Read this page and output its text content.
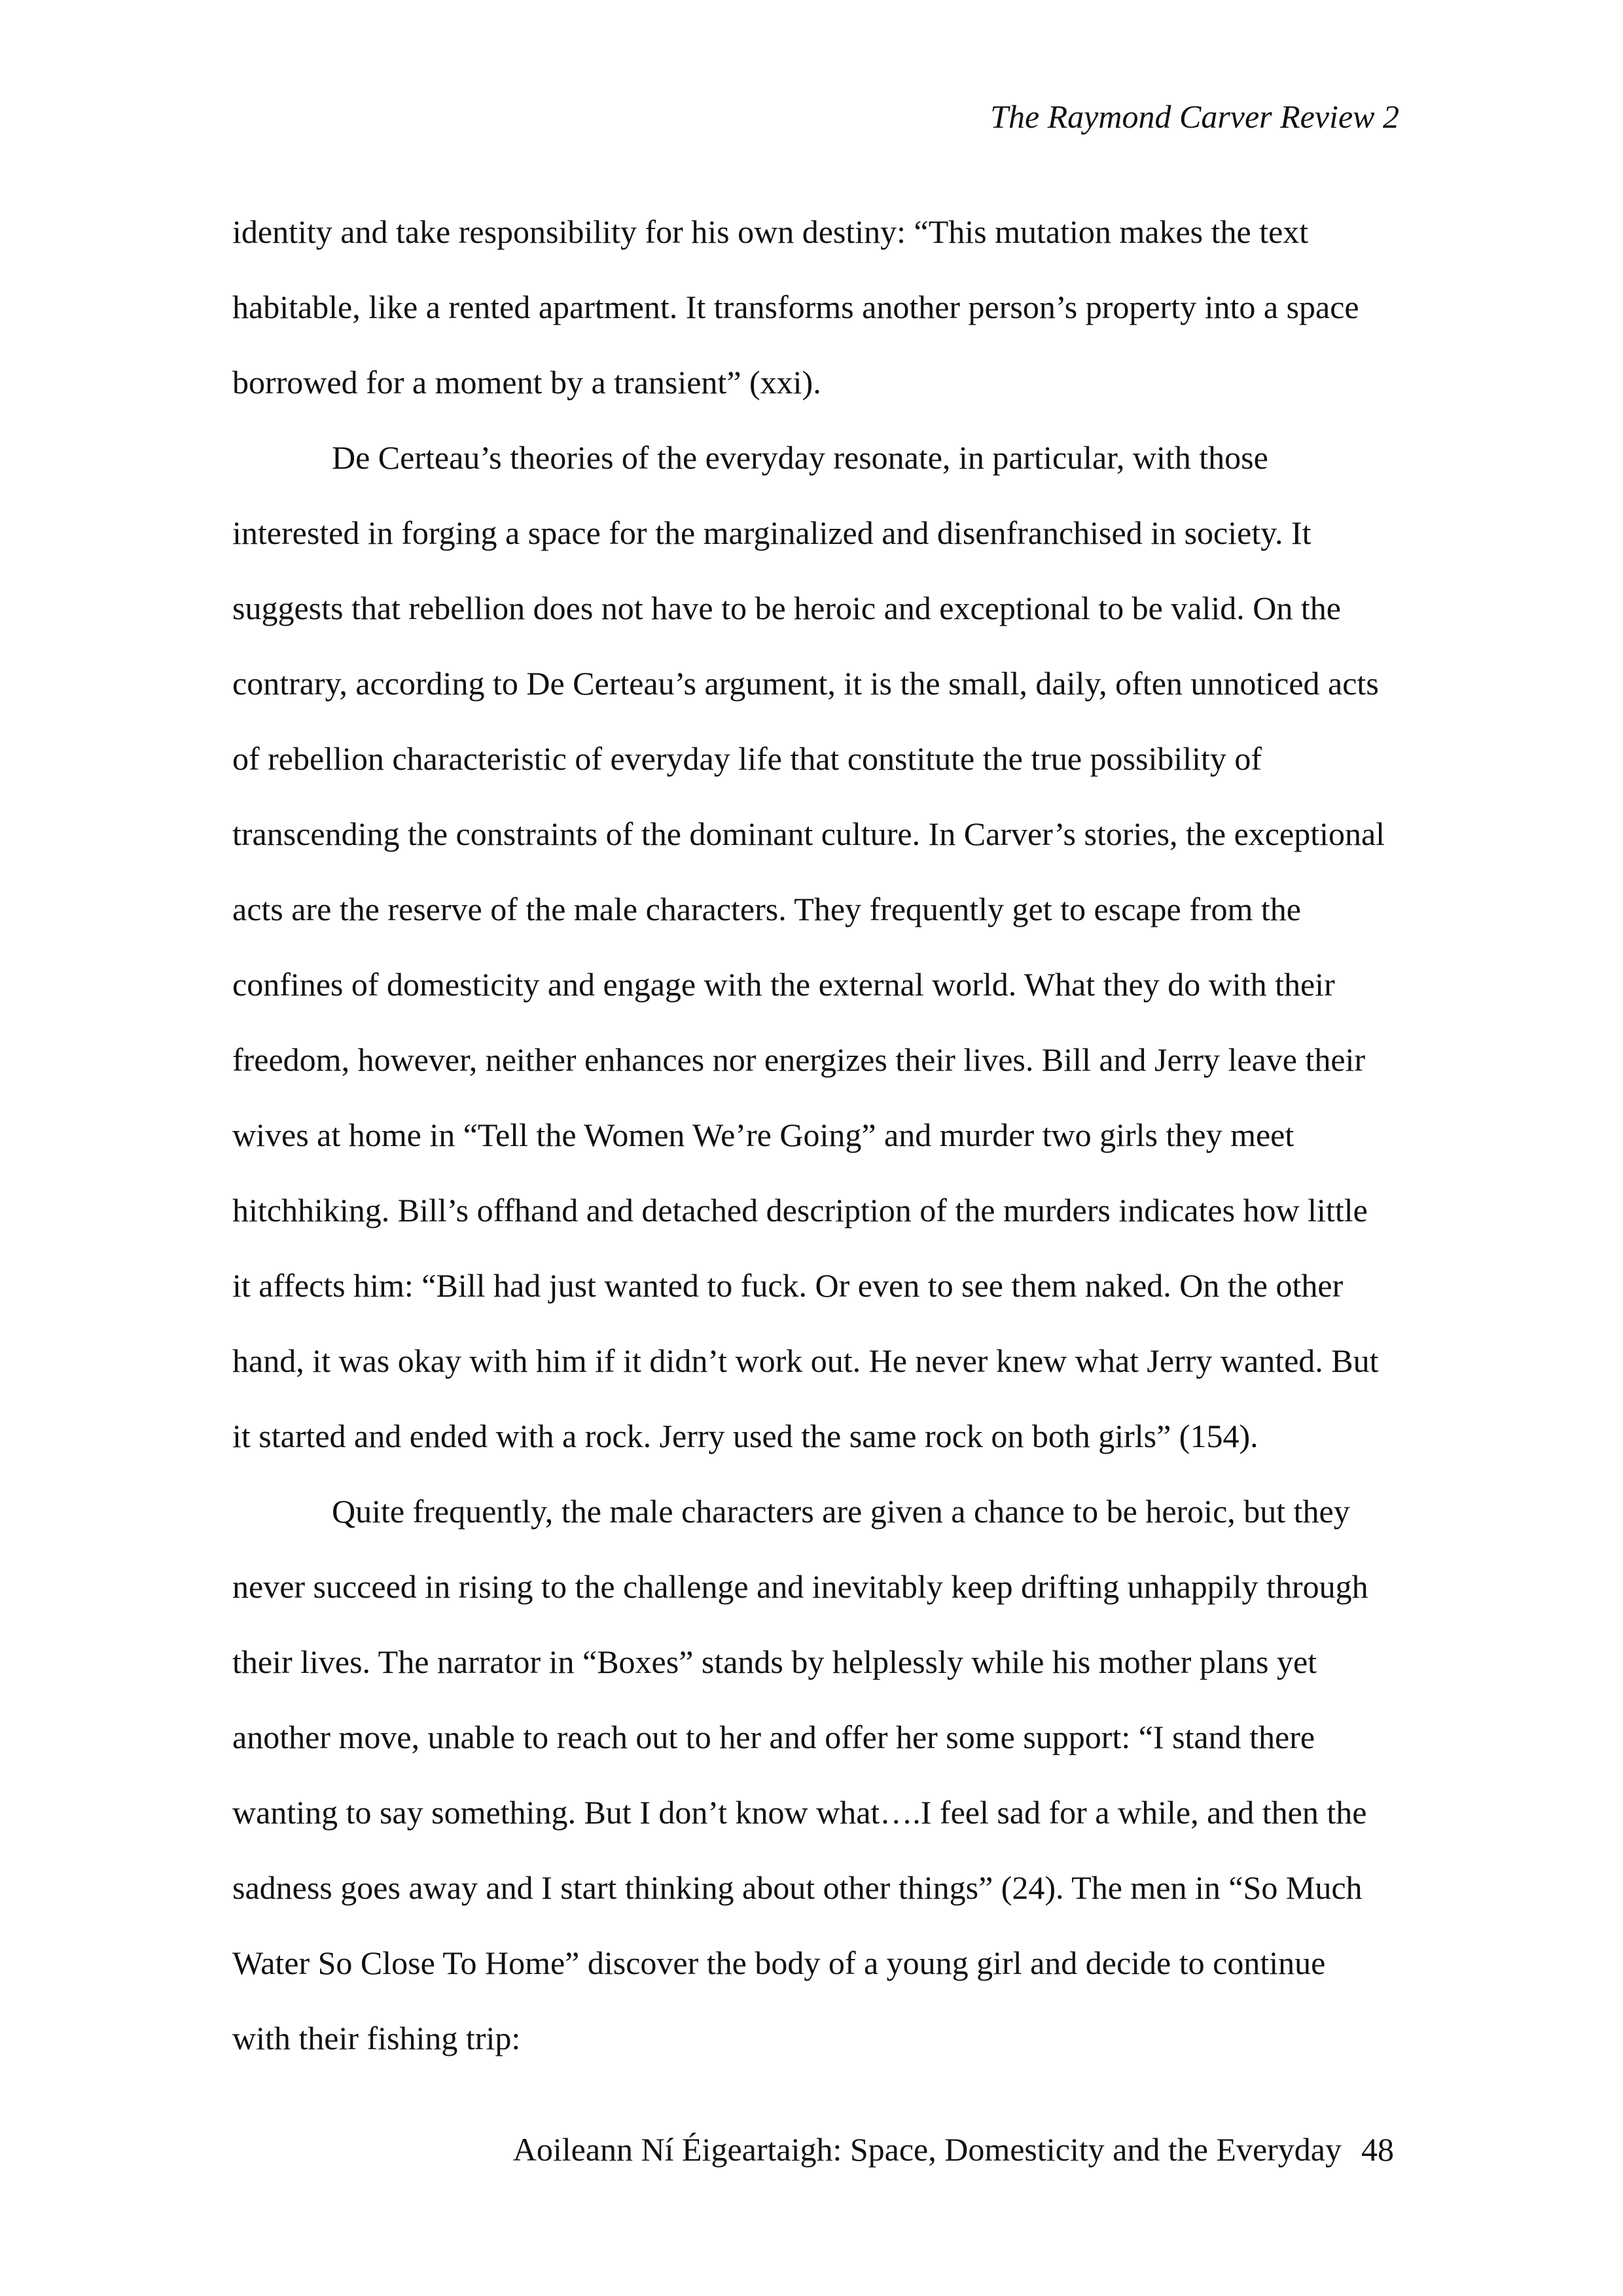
The Raymond Carver Review 2
identity and take responsibility for his own destiny: “This mutation makes the text
habitable, like a rented apartment. It transforms another person’s property into a space
borrowed for a moment by a transient” (xxi).
De Certeau’s theories of the everyday resonate, in particular, with those
interested in forging a space for the marginalized and disenfranchised in society. It
suggests that rebellion does not have to be heroic and exceptional to be valid. On the
contrary, according to De Certeau’s argument, it is the small, daily, often unnoticed acts
of rebellion characteristic of everyday life that constitute the true possibility of
transcending the constraints of the dominant culture. In Carver’s stories, the exceptional
acts are the reserve of the male characters. They frequently get to escape from the
confines of domesticity and engage with the external world. What they do with their
freedom, however, neither enhances nor energizes their lives. Bill and Jerry leave their
wives at home in “Tell the Women We’re Going” and murder two girls they meet
hitchhiking. Bill’s offhand and detached description of the murders indicates how little
it affects him: “Bill had just wanted to fuck. Or even to see them naked. On the other
hand, it was okay with him if it didn’t work out. He never knew what Jerry wanted. But
it started and ended with a rock. Jerry used the same rock on both girls” (154).
Quite frequently, the male characters are given a chance to be heroic, but they
never succeed in rising to the challenge and inevitably keep drifting unhappily through
their lives. The narrator in “Boxes” stands by helplessly while his mother plans yet
another move, unable to reach out to her and offer her some support: “I stand there
wanting to say something. But I don’t know what….I feel sad for a while, and then the
sadness goes away and I start thinking about other things” (24). The men in “So Much
Water So Close To Home” discover the body of a young girl and decide to continue
with their fishing trip:
Aoileann Ní Éigeartaigh: Space, Domesticity and the Everyday 48
